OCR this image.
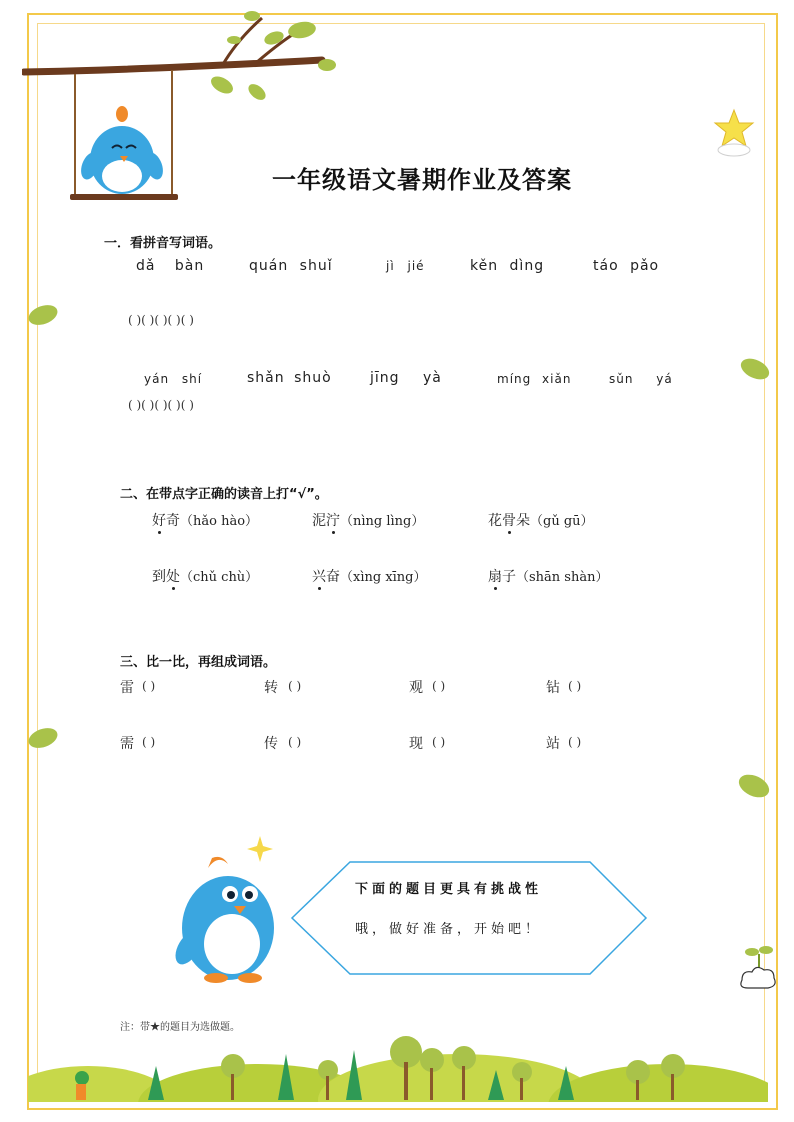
一年级语文暑期作业及答案
一．看拼音写词语。
dǎ bàn	quán shuǐ	jì jié	kěn dìng	táo pǎo
( )( )( )( )( )
yán shí	shǎn shuò	jīng yà	míng xiǎn	sǔn yá
( )( )( )( )( )
二、在带点字正确的读音上打“√”。
好奇（hǎo hào）	泥泞（nìng lìng）	花骨朵（gǔ gū）
到处（chǔ chù）	兴奋（xìng xīng）	扇子（shān shàn）
三、比一比，再组成词语。
雷 ( )	转 ( )	观 ( )	钻 ( )
需 ( )	传 ( )	现 ( )	站 ( )
下面的题目更具有挑战性
哦，做好准备，开始吧！
注：带★的题目为选做题。
